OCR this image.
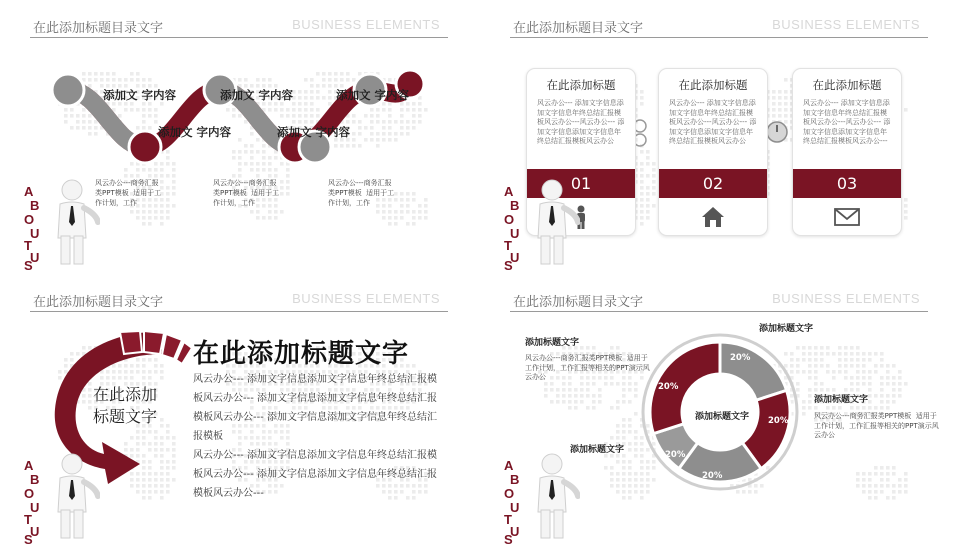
在此添加标题目录文字	BUSINESS ELEMENTS
添加文 字内容
添加文 字内容
添加文 字内容
添加文 字内容
添加文 字内容
风云办公---商务汇报
类PPT模板  适用于工
作计划，工作
风云办公---商务汇报
类PPT模板  适用于工
作计划，工作
风云办公---商务汇报
类PPT模板  适用于工
作计划，工作
A
B
O
U
T
U
S
在此添加标题目录文字	BUSINESS ELEMENTS
在此添加标题
风云办公--- 添加文字信息添加文字信息年终总结汇报模板风云办公---风云办公--- 添加文字信息添加文字信息年终总结汇报模板风云办公
01
在此添加标题
风云办公--- 添加文字信息添加文字信息年终总结汇报模板风云办公---风云办公--- 添加文字信息添加文字信息年终总结汇报模板风云办公
02
在此添加标题
风云办公--- 添加文字信息添加文字信息年终总结汇报模板风云办公---风云办公--- 添加文字信息添加文字信息年终总结汇报模板风云办公---
03
A
B
O
U
T
U
S
在此添加标题目录文字	BUSINESS ELEMENTS
在此添加
标题文字
在此添加标题文字
风云办公--- 添加文字信息添加文字信息年终总结汇报模板风云办公--- 添加文字信息添加文字信息年终总结汇报模板风云办公--- 添加文字信息添加文字信息年终总结汇报模板
风云办公--- 添加文字信息添加文字信息年终总结汇报模板风云办公--- 添加文字信息添加文字信息年终总结汇报模板风云办公---
A
B
O
U
T
U
S
在此添加标题目录文字	BUSINESS ELEMENTS
添加标题文字
20%
20%
20%
20%
20%
添加标题文字
风云办公---商务汇报类PPT模板  适用于
工作计划，工作汇报等相关的PPT演示风
云办公
添加标题文字
添加标题文字
风云办公---商务汇报类PPT模板  适用于
工作计划，工作汇报等相关的PPT演示风
云办公
添加标题文字
A
B
O
U
T
U
S
